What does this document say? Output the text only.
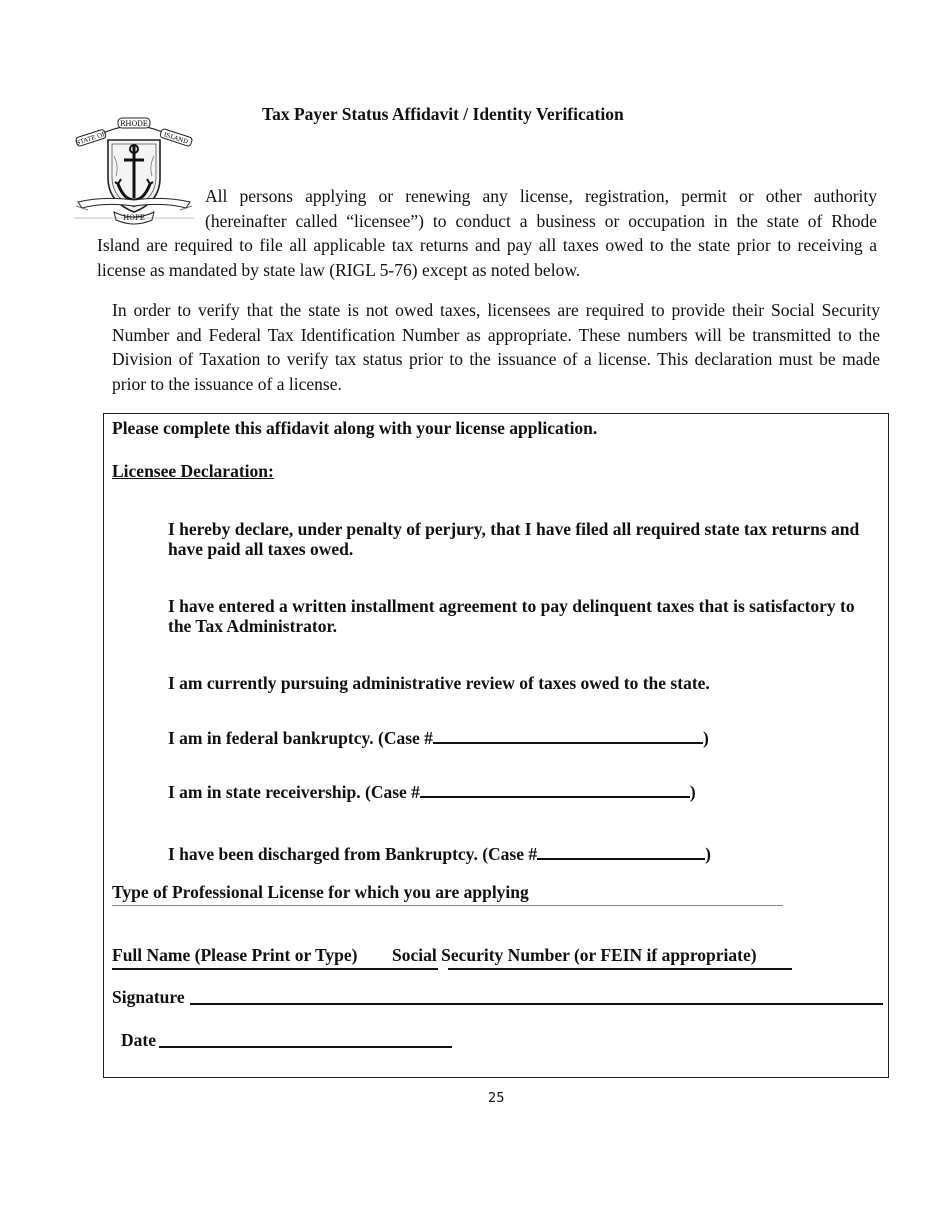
Tax Payer Status Affidavit / Identity Verification
RHODE
STATE OF	ISLAND
HOPE
All persons applying or renewing any license, registration, permit or other authority (hereinafter called “licensee”) to conduct a business or occupation in the state of Rhode
Island are required to file all applicable tax returns and pay all taxes owed to the state prior to receiving a license as mandated by state law (RIGL 5-76) except as noted below.
In order to verify that the state is not owed taxes, licensees are required to provide their Social Security Number and Federal Tax Identification Number as appropriate. These numbers will be transmitted to the Division of Taxation to verify tax status prior to the issuance of a license. This declaration must be made prior to the issuance of a license.
Please complete this affidavit along with your license application.
Licensee Declaration:
I hereby declare, under penalty of perjury, that I have filed all required state tax returns and have paid all taxes owed.
I have entered a written installment agreement to pay delinquent taxes that is satisfactory to the Tax Administrator.
I am currently pursuing administrative review of taxes owed to the state.
I am in federal bankruptcy. (Case #	)
I am in state receivership. (Case #	)
I have been discharged from Bankruptcy. (Case #	)
Type of Professional License for which you are applying
Full Name (Please Print or Type) Social Security Number (or FEIN if appropriate)
Signature
Date
25
